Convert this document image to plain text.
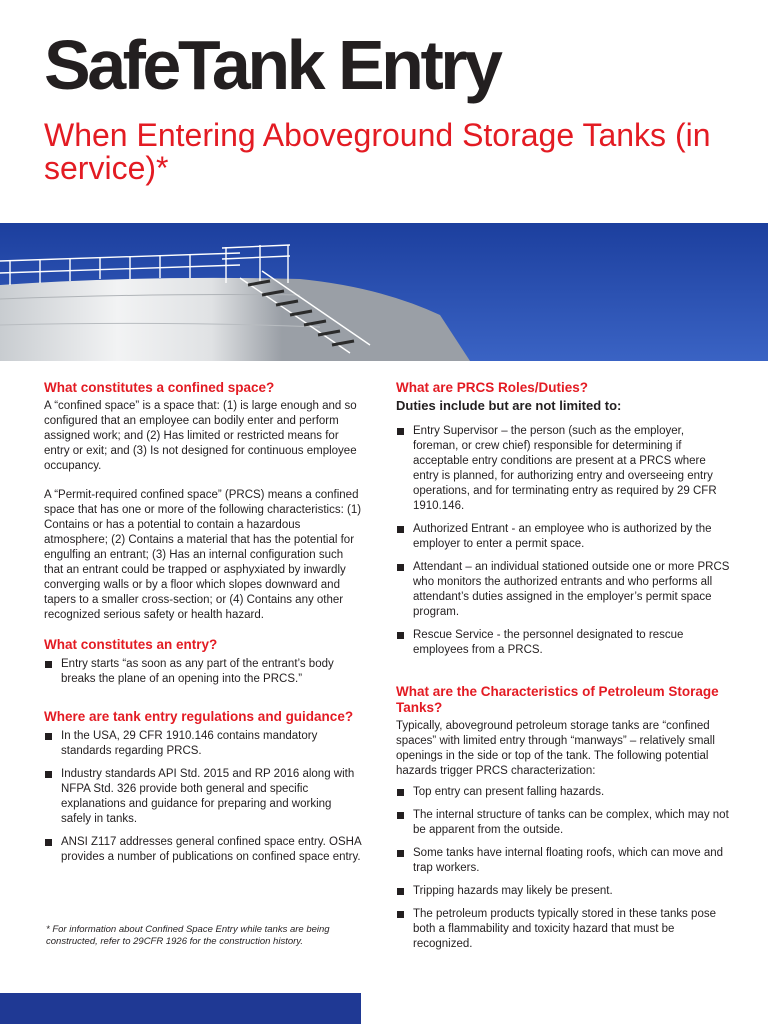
SafeTank Entry
When Entering Aboveground Storage Tanks (in service)*
What constitutes a confined space?

A “confined space” is a space that: (1) is large enough and so configured that an employee can bodily enter and perform assigned work; and (2) Has limited or restricted means for entry or exit; and (3) Is not designed for continuous employee occupancy.

A “Permit-required confined space” (PRCS) means a confined space that has one or more of the following characteristics: (1) Contains or has a potential to contain a hazardous atmosphere; (2) Contains a material that has the potential for engulfing an entrant; (3) Has an internal configuration such that an entrant could be trapped or asphyxiated by inwardly converging walls or by a floor which slopes downward and tapers to a smaller cross-section; or (4) Contains any other recognized serious safety or health hazard.

What constitutes an entry?
Entry starts “as soon as any part of the entrant’s body breaks the plane of an opening into the PRCS.”
Where are tank entry regulations and guidance?
In the USA, 29 CFR 1910.146 contains mandatory standards regarding PRCS.
Industry standards API Std. 2015 and RP 2016 along with NFPA Std. 326 provide both general and specific explanations and guidance for preparing and working safely in tanks.
ANSI Z117 addresses general confined space entry. OSHA provides a number of publications on confined space entry.

* For information about Confined Space Entry while tanks are being constructed, refer to 29CFR 1926 for the construction history.

What are PRCS Roles/Duties?

Duties include but are not limited to:

Entry Supervisor – the person (such as the employer, foreman, or crew chief) responsible for determining if acceptable entry conditions are present at a PRCS where entry is planned, for authorizing entry and overseeing entry operations, and for terminating entry as required by 29 CFR 1910.146.
Authorized Entrant - an employee who is authorized by the employer to enter a permit space.
Attendant – an individual stationed outside one or more PRCS who monitors the authorized entrants and who performs all attendant’s duties assigned in the employer’s permit space program.
Rescue Service - the personnel designated to rescue employees from a PRCS.
What are the Characteristics of Petroleum Storage Tanks?

Typically, aboveground petroleum storage tanks are “confined spaces” with limited entry through “manways” – relatively small openings in the side or top of the tank. The following potential hazards trigger PRCS characterization:

Top entry can present falling hazards.
The internal structure of tanks can be complex, which may not be apparent from the outside.
Some tanks have internal floating roofs, which can move and trap workers.
Tripping hazards may likely be present.
The petroleum products typically stored in these tanks pose both a flammability and toxicity hazard that must be recognized.
